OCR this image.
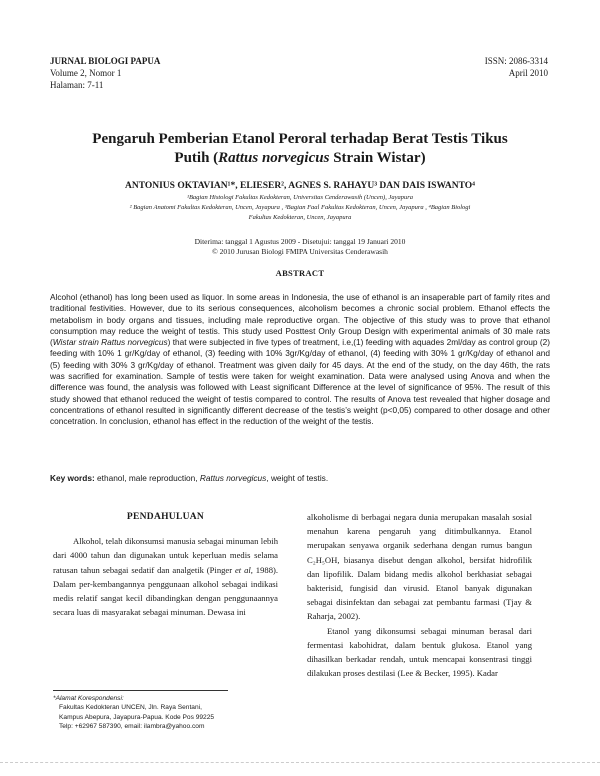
JURNAL BIOLOGI PAPUA
Volume 2, Nomor 1
Halaman: 7-11
ISSN: 2086-3314
April 2010
Pengaruh Pemberian Etanol Peroral terhadap Berat Testis Tikus
Putih (Rattus norvegicus Strain Wistar)
ANTONIUS OKTAVIAN¹*, ELIESER², AGNES S. RAHAYU³ DAN DAIS ISWANTO⁴
¹Bagian Histologi Fakultas Kedokteran, Universitas Cenderawasih (Uncen), Jayapura
² Bagian Anatomi Fakultas Kedokteran, Uncen, Jayapura , ³Bagian Faal Fakultas Kedokteran, Uncen, Jayapura , ⁴Bagian Biologi
Fakultas Kedokteran, Uncen, Jayapura
Diterima: tanggal 1 Agustus 2009 - Disetujui: tanggal 19 Januari 2010
© 2010 Jurusan Biologi FMIPA Universitas Cenderawasih
ABSTRACT
Alcohol (ethanol) has long been used as liquor. In some areas in Indonesia, the use of ethanol is an insaperable part of family rites and traditional festivities. However, due to its serious consequences, alcoholism becomes a chronic social problem. Ethanol effects the metabolism in body organs and tissues, including male reproductive organ. The objective of this study was to prove that ethanol consumption may reduce the weight of testis. This study used Posttest Only Group Design with experimental animals of 30 male rats (Wistar strain Rattus norvegicus) that were subjected in five types of treatment, i.e,(1) feeding with aquades 2ml/day as control group (2) feeding with 10% 1 gr/Kg/day of ethanol, (3) feeding with 10% 3gr/Kg/day of ethanol, (4) feeding with 30% 1 gr/Kg/day of ethanol and (5) feeding with 30% 3 gr/Kg/day of ethanol. Treatment was given daily for 45 days. At the end of the study, on the day 46th, the rats was sacrified for examination. Sample of testis were taken for weight examination. Data were analysed using Anova and when the difference was found, the analysis was followed with Least significant Difference at the level of significance of 95%. The result of this study showed that ethanol reduced the weight of testis compared to control. The results of Anova test revealed that higher dosage and concentrations of ethanol resulted in significantly different decrease of the testis’s weight (p<0,05) compared to other dosage and other concetration. In conclusion, ethanol has effect in the reduction of the weight of the testis.
Key words: ethanol, male reproduction, Rattus norvegicus, weight of testis.
PENDAHULUAN

Alkohol, telah dikonsumsi manusia sebagai minuman lebih dari 4000 tahun dan digunakan untuk keperluan medis selama ratusan tahun sebagai sedatif dan analgetik (Pinger et al, 1988). Dalam per-kembangannya penggunaan alkohol sebagai indikasi medis relatif sangat kecil dibandingkan dengan penggunaannya secara luas di masyarakat sebagai minuman. Dewasa ini

alkoholisme di berbagai negara dunia merupakan masalah sosial menahun karena pengaruh yang ditimbulkannya. Etanol merupakan senyawa organik sederhana dengan rumus bangun C₂H₅OH, biasanya disebut dengan alkohol, bersifat hidrofilik dan lipofilik. Dalam bidang medis alkohol berkhasiat sebagai bakterisid, fungisid dan virusid. Etanol banyak digunakan sebagai disinfektan dan sebagai zat pembantu farmasi (Tjay & Raharja, 2002).

Etanol yang dikonsumsi sebagai minuman berasal dari fermentasi kabohidrat, dalam bentuk glukosa. Etanol yang dihasilkan berkadar rendah, untuk mencapai konsentrasi tinggi dilakukan proses destilasi (Lee & Becker, 1995). Kadar

*Alamat Korespondensi:
Fakultas Kedokteran UNCEN, Jln. Raya Sentani,
Kampus Abepura, Jayapura-Papua. Kode Pos 99225
Telp: +62967 587390, email: ilambra@yahoo.com
